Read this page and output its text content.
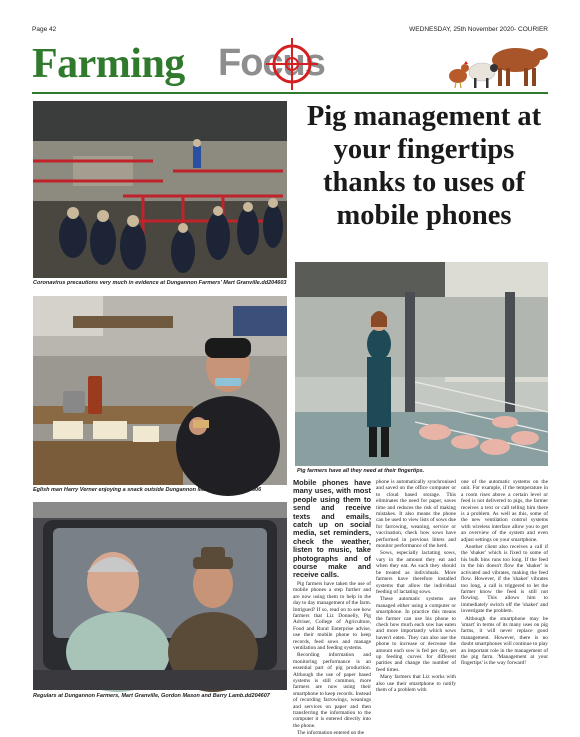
Page 42	WEDNESDAY, 25th November 2020- COURIER
Farming Focus
Coronavirus precautions very much in evidence at Dungannon Farmers' Mart Granville.dd204603
Pig management at your fingertips thanks to uses of mobile phones
Eglish man Harry Verner enjoying a snack outside Dungannon Mart recently...dd204606
Pig farmers have all they need at their fingertips.
Regulars at Dungannon Farmers, Mart Granville, Gordon Mason and Barry Lamb.dd204607

Mobile phones have many uses, with most people using them to send and receive texts and emails, catch up on social media, set reminders, check the weather, listen to music, take photographs and of course make and receive calls.

Pig farmers have taken the use of mobile phones a step further and are now using them to help in the day to day management of the farm. Intrigued? If so, read on to see how farmers that Liz Donnelly, Pig Adviser, College of Agriculture, Food and Rural Enterprise advise, use their mobile phone to keep records, feed sows and manage ventilation and feeding systems.

Recording information and monitoring performance is an essential part of pig production. Although the use of paper based systems is still common, more farmers are now using their smartphone to keep records. Instead of recording farrowings, weanings and services on paper and then transferring the information to the computer it is entered directly into the phone.

The information entered on the

phone is automatically synchronised and saved on the office computer or to cloud based storage. This eliminates the need for paper, saves time and reduces the risk of making mistakes. It also means the phone can be used to view lists of sows due for farrowing, weaning, service or vaccination, check how sows have performed in previous litters and monitor performance of the herd.

Sows, especially lactating sows, vary in the amount they eat and when they eat. As such they should be treated as individuals. More farmers have therefore installed systems that allow the individual feeding of lactating sows.

These automatic systems are managed either using a computer or smartphone. In practice this means the farmer can use his phone to check how much each sow has eaten and more importantly which sows haven't eaten. They can also use the phone to increase or decrease the amount each sow is fed per day, set up feeding curves for different parities and change the number of feed times.

Many farmers that Liz works with also use their smartphone to notify them of a problem with

one of the automatic systems on the unit. For example, if the temperature in a room rises above a certain level or feed is not delivered to pigs, the farmer receives a text or call telling him there is a problem. As well as this, some of the new ventilation control systems with wireless interface allow you to get an overview of the system and even adjust settings on your smartphone.

Another client also receives a call if the 'shaker' which is fixed to some of his bulk bins runs too long. If the feed in the bin doesn't flow the 'shaker' is activated and vibrates, making the feed flow. However, if the 'shaker' vibrates too long, a call is triggered to let the farmer know the feed is still not flowing. This allows him to immediately switch off the 'shaker' and investigate the problem.

Although the smartphone may be 'smart' in terms of its many uses on pig farms, it will never replace good management. However, there is no doubt smartphones will continue to play an important role in the management of the pig farm. 'Management at your fingertips' is the way forward!
